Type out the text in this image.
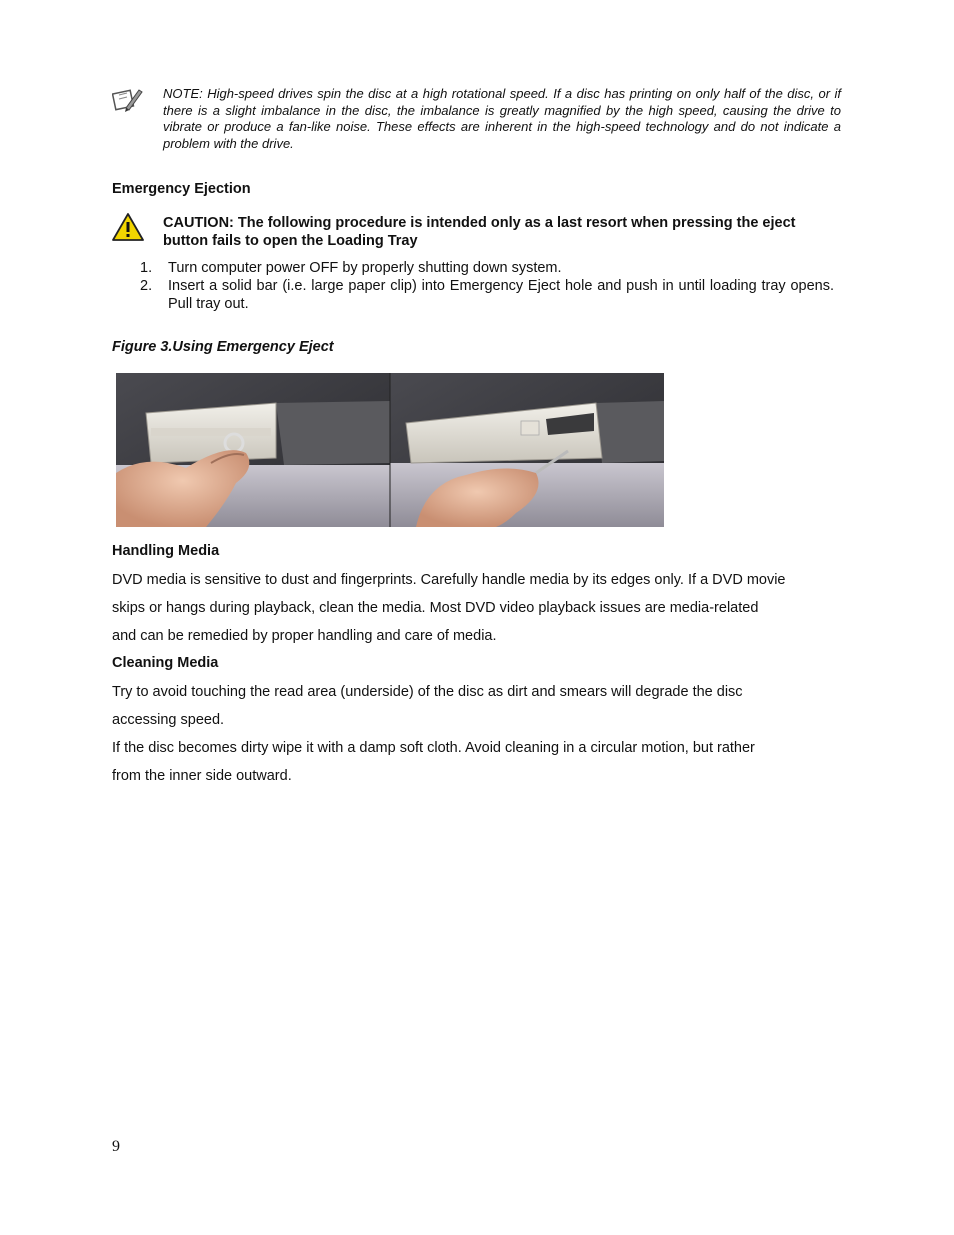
NOTE: High-speed drives spin the disc at a high rotational speed. If a disc has printing on only half of the disc, or if there is a slight imbalance in the disc, the imbalance is greatly magnified by the high speed, causing the drive to vibrate or produce a fan-like noise. These effects are inherent in the high-speed technology and do not indicate a problem with the drive.
Emergency Ejection
CAUTION: The following procedure is intended only as a last resort when pressing the eject button fails to open the Loading Tray
1.	Turn computer power OFF by properly shutting down system.
2.	Insert a solid bar (i.e. large paper clip) into Emergency Eject hole and push in until loading tray opens. Pull tray out.
Figure 3.Using Emergency Eject
Handling Media
DVD media is sensitive to dust and fingerprints. Carefully handle media by its edges only. If a DVD movie
skips or hangs during playback, clean the media. Most DVD video playback issues are media-related
and can be remedied by proper handling and care of media.
Cleaning Media
Try to avoid touching the read area (underside) of the disc as dirt and smears will degrade the disc
accessing speed.
If the disc becomes dirty wipe it with a damp soft cloth. Avoid cleaning in a circular motion, but rather
from the inner side outward.
9
